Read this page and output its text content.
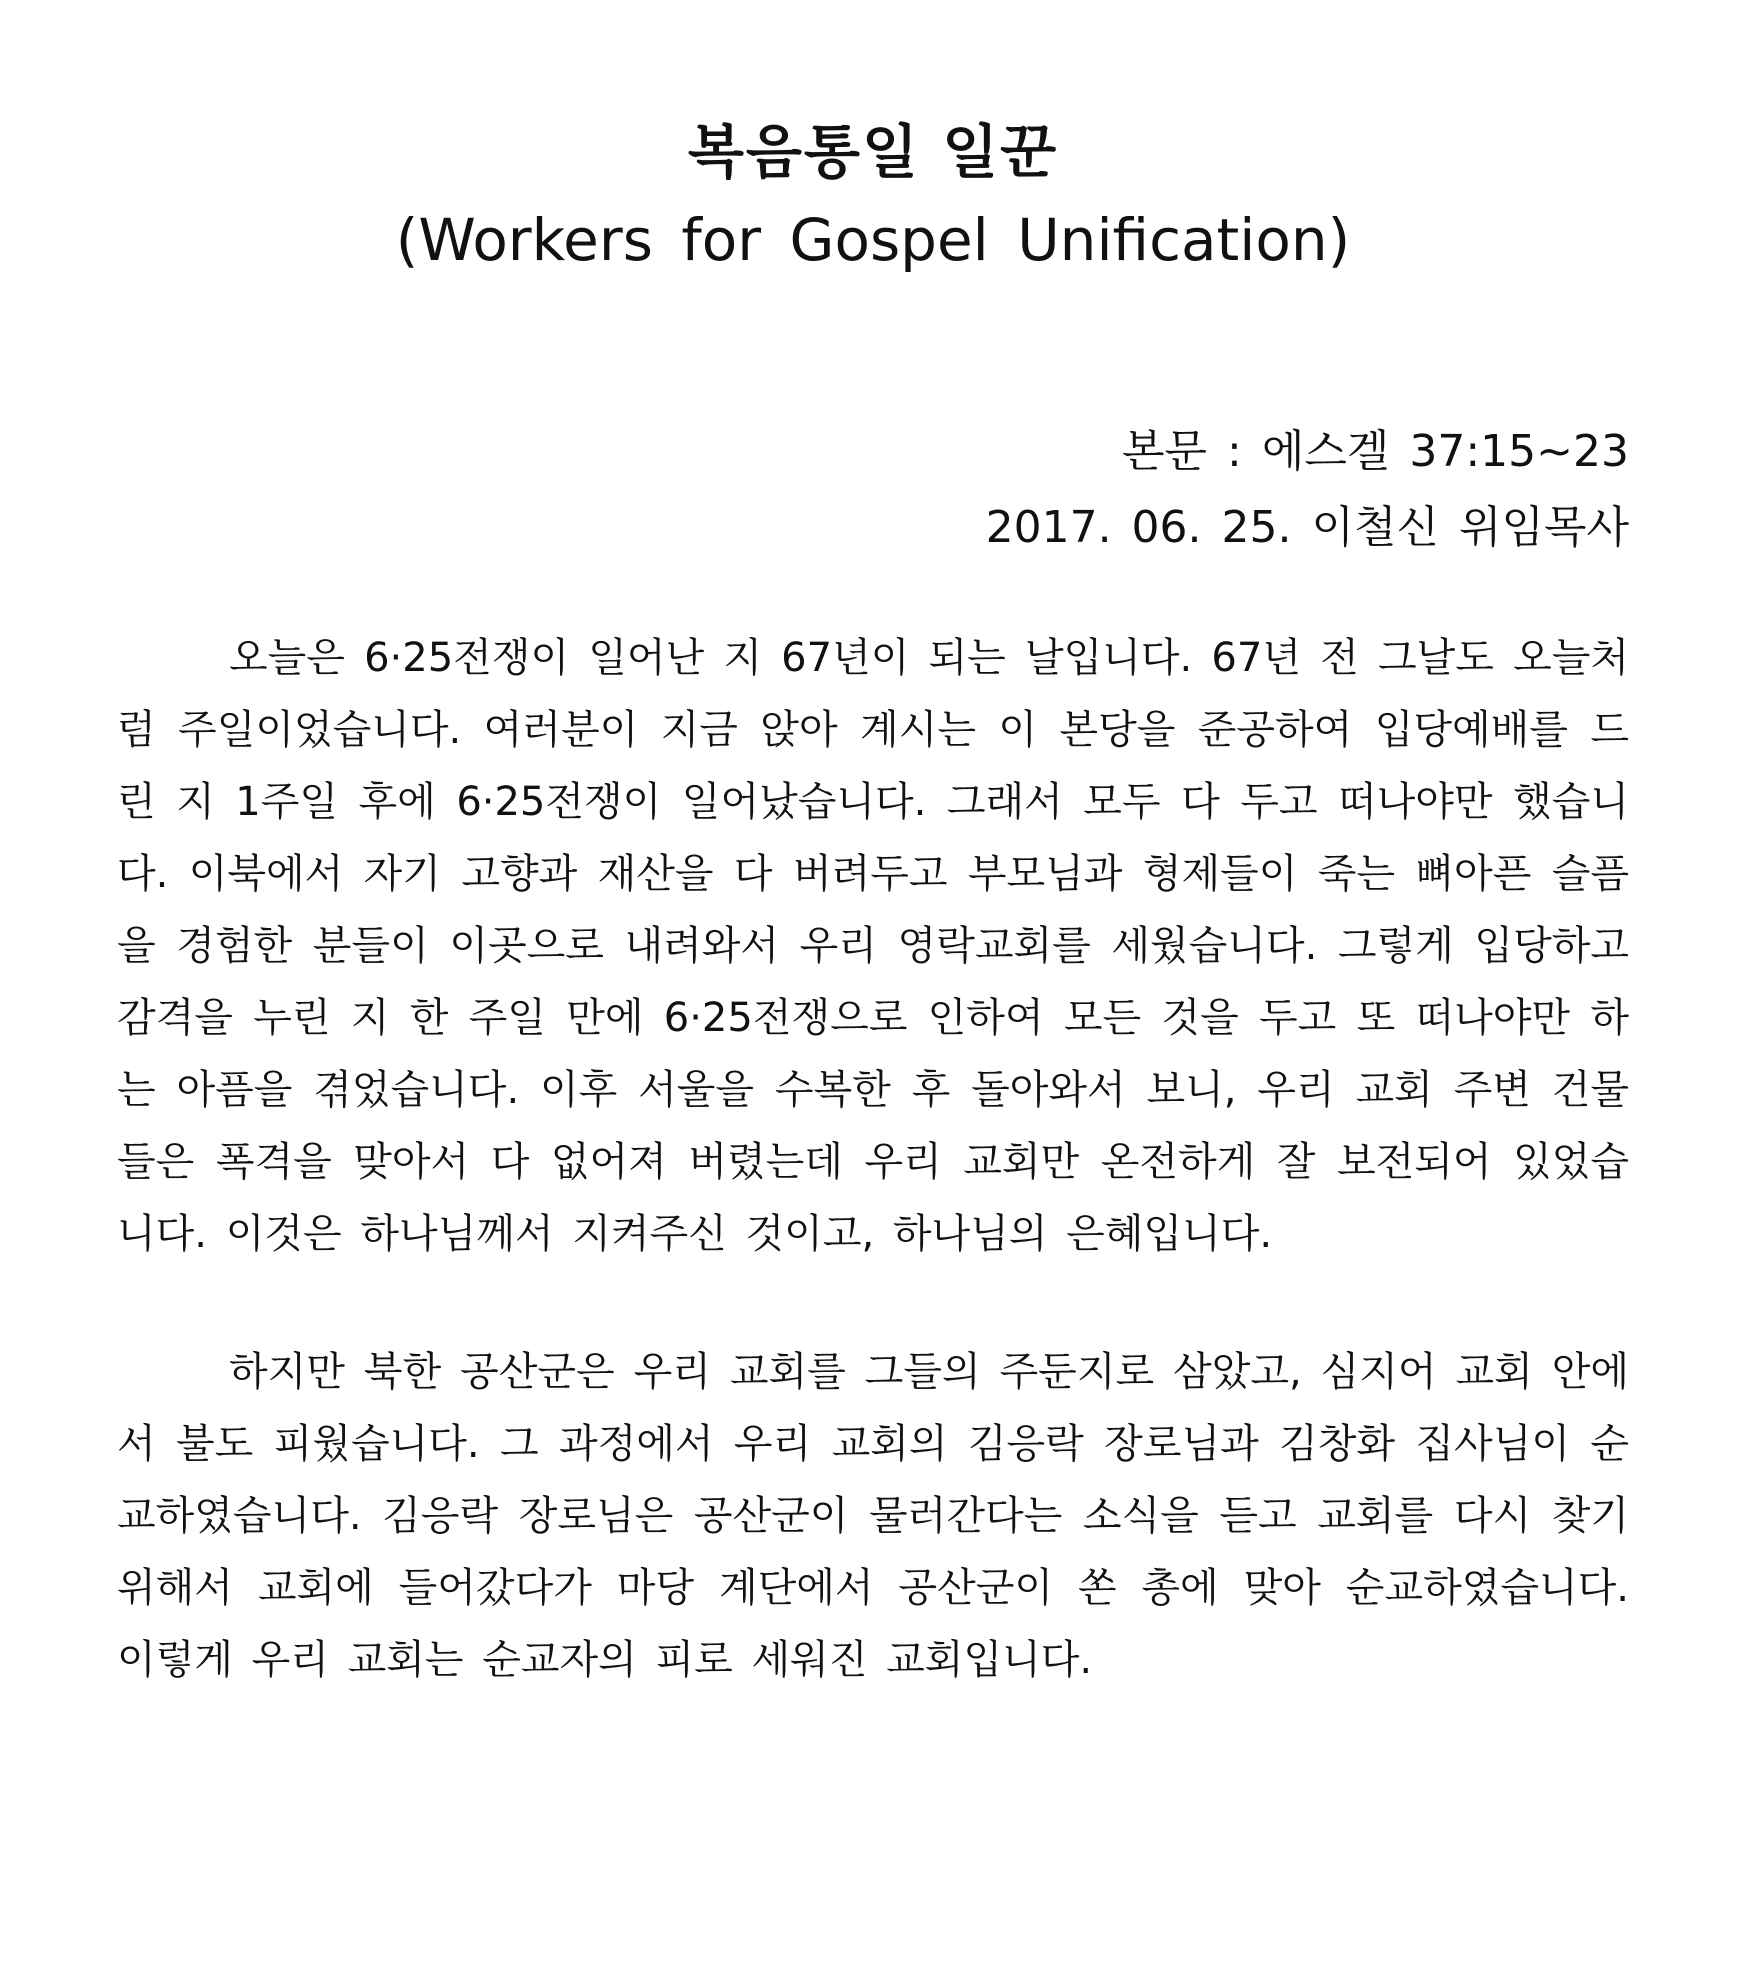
복음통일 일꾼
(Workers for Gospel Unification)

본문 : 에스겔 37:15~23

2017. 06. 25. 이철신 위임목사

오늘은 6·25전쟁이 일어난 지 67년이 되는 날입니다. 67년 전 그날도 오늘처럼 주일이었습니다. 여러분이 지금 앉아 계시는 이 본당을 준공하여 입당예배를 드린 지 1주일 후에 6·25전쟁이 일어났습니다. 그래서 모두 다 두고 떠나야만 했습니다. 이북에서 자기 고향과 재산을 다 버려두고 부모님과 형제들이 죽는 뼈아픈 슬픔을 경험한 분들이 이곳으로 내려와서 우리 영락교회를 세웠습니다. 그렇게 입당하고 감격을 누린 지 한 주일 만에 6·25전쟁으로 인하여 모든 것을 두고 또 떠나야만 하는 아픔을 겪었습니다. 이후 서울을 수복한 후 돌아와서 보니, 우리 교회 주변 건물들은 폭격을 맞아서 다 없어져 버렸는데 우리 교회만 온전하게 잘 보전되어 있었습니다. 이것은 하나님께서 지켜주신 것이고, 하나님의 은혜입니다.

하지만 북한 공산군은 우리 교회를 그들의 주둔지로 삼았고, 심지어 교회 안에서 불도 피웠습니다. 그 과정에서 우리 교회의 김응락 장로님과 김창화 집사님이 순교하였습니다. 김응락 장로님은 공산군이 물러간다는 소식을 듣고 교회를 다시 찾기 위해서 교회에 들어갔다가 마당 계단에서 공산군이 쏜 총에 맞아 순교하였습니다. 이렇게 우리 교회는 순교자의 피로 세워진 교회입니다.
